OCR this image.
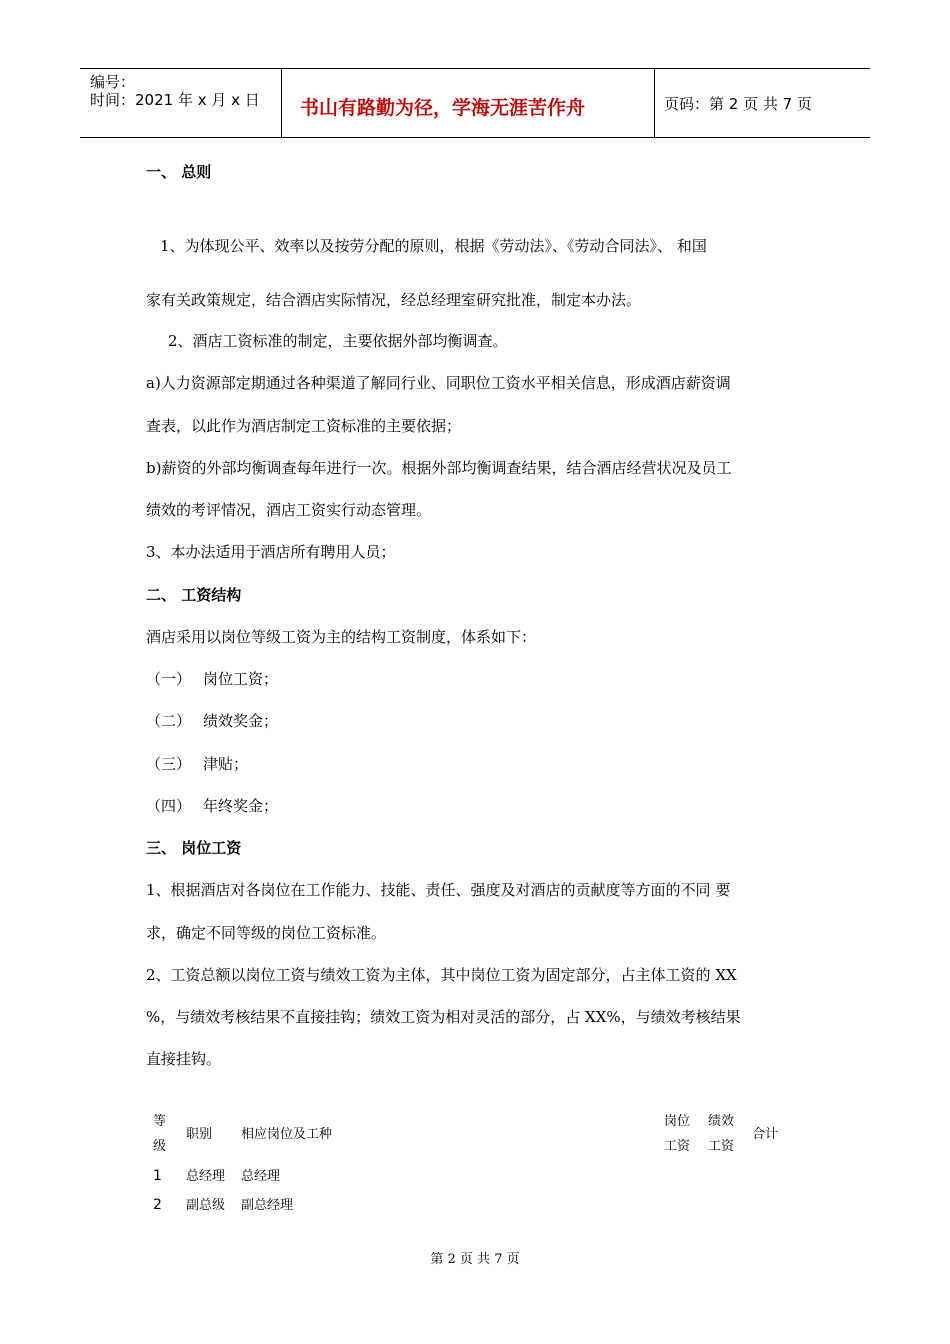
编号：
时间：2021 年 x 月 x 日 书山有路勤为径，学海无涯苦作舟	页码：第 2 页 共 7 页
一、 总则
1、为体现公平、效率以及按劳分配的原则，根据《劳动法》、《劳动合同法》、 和国
家有关政策规定，结合酒店实际情况，经总经理室研究批准，制定本办法。
2、酒店工资标准的制定，主要依据外部均衡调查。
a)人力资源部定期通过各种渠道了解同行业、同职位工资水平相关信息，形成酒店薪资调
查表，以此作为酒店制定工资标准的主要依据；
b)薪资的外部均衡调查每年进行一次。根据外部均衡调查结果，结合酒店经营状况及员工
绩效的考评情况，酒店工资实行动态管理。
3、本办法适用于酒店所有聘用人员；
二、 工资结构
酒店采用以岗位等级工资为主的结构工资制度，体系如下：
（一） 岗位工资；
（二） 绩效奖金；
（三） 津贴；
（四） 年终奖金；
三、 岗位工资
1、根据酒店对各岗位在工作能力、技能、责任、强度及对酒店的贡献度等方面的不同 要
求，确定不同等级的岗位工资标准。
2、工资总额以岗位工资与绩效工资为主体，其中岗位工资为固定部分，占主体工资的 XX
%，与绩效考核结果不直接挂钩；绩效工资为相对灵活的部分，占 XX%，与绩效考核结果
直接挂钩。
等
级
职别 相应岗位及工种
岗位
工资
绩效
工资
合计
1 总经理 总经理
2 副总级 副总经理
第 2 页 共 7 页
